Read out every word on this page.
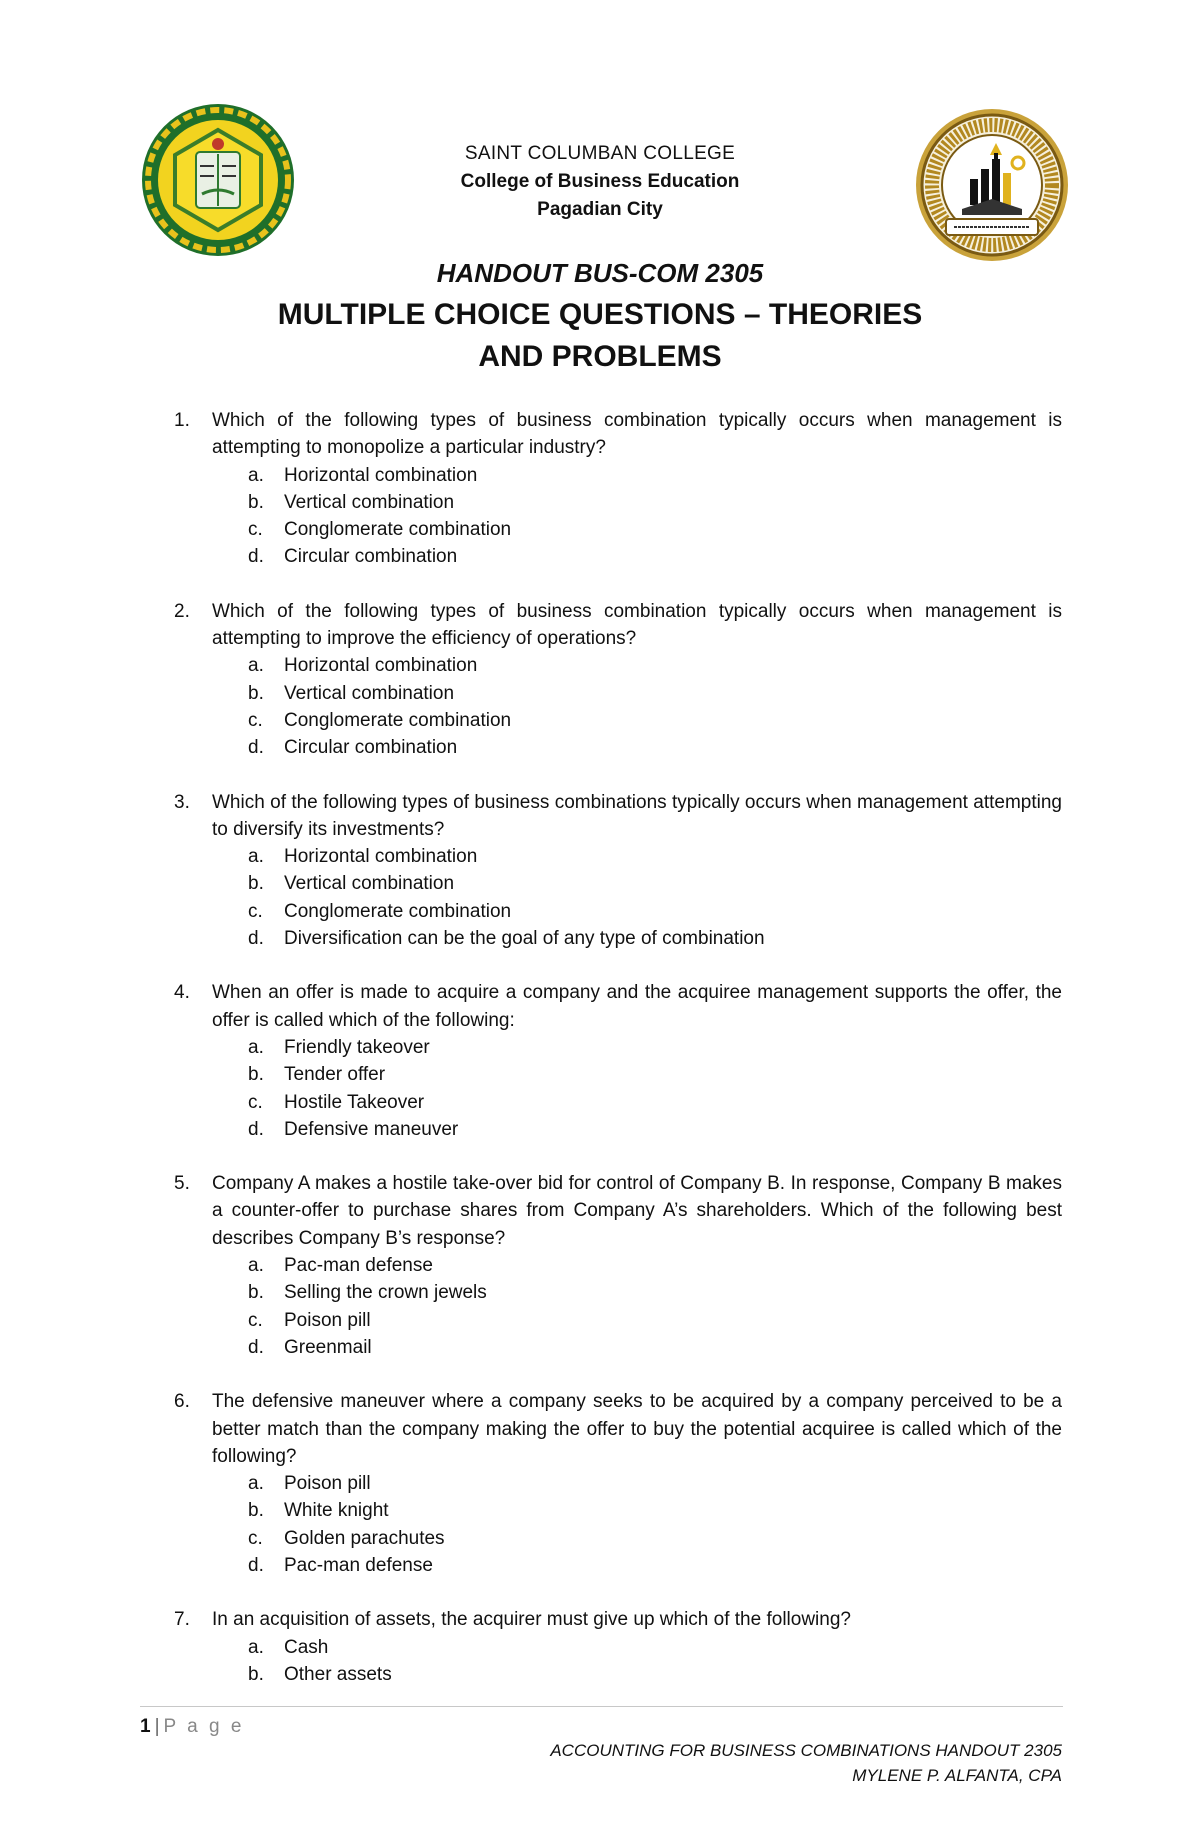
SAINT COLUMBAN COLLEGE
College of Business Education
Pagadian City
HANDOUT BUS-COM 2305
MULTIPLE CHOICE QUESTIONS – THEORIES
AND PROBLEMS
1. Which of the following types of business combination typically occurs when management is attempting to monopolize a particular industry?
a. Horizontal combination
b. Vertical combination
c. Conglomerate combination
d. Circular combination
2. Which of the following types of business combination typically occurs when management is attempting to improve the efficiency of operations?
a. Horizontal combination
b. Vertical combination
c. Conglomerate combination
d. Circular combination
3. Which of the following types of business combinations typically occurs when management attempting to diversify its investments?
a. Horizontal combination
b. Vertical combination
c. Conglomerate combination
d. Diversification can be the goal of any type of combination
4. When an offer is made to acquire a company and the acquiree management supports the offer, the offer is called which of the following:
a. Friendly takeover
b. Tender offer
c. Hostile Takeover
d. Defensive maneuver
5. Company A makes a hostile take-over bid for control of Company B. In response, Company B makes a counter-offer to purchase shares from Company A’s shareholders. Which of the following best describes Company B’s response?
a. Pac-man defense
b. Selling the crown jewels
c. Poison pill
d. Greenmail
6. The defensive maneuver where a company seeks to be acquired by a company perceived to be a better match than the company making the offer to buy the potential acquiree is called which of the following?
a. Poison pill
b. White knight
c. Golden parachutes
d. Pac-man defense
7. In an acquisition of assets, the acquirer must give up which of the following?
a. Cash
b. Other assets
1 | P a g e
ACCOUNTING FOR BUSINESS COMBINATIONS HANDOUT 2305
MYLENE P. ALFANTA, CPA
